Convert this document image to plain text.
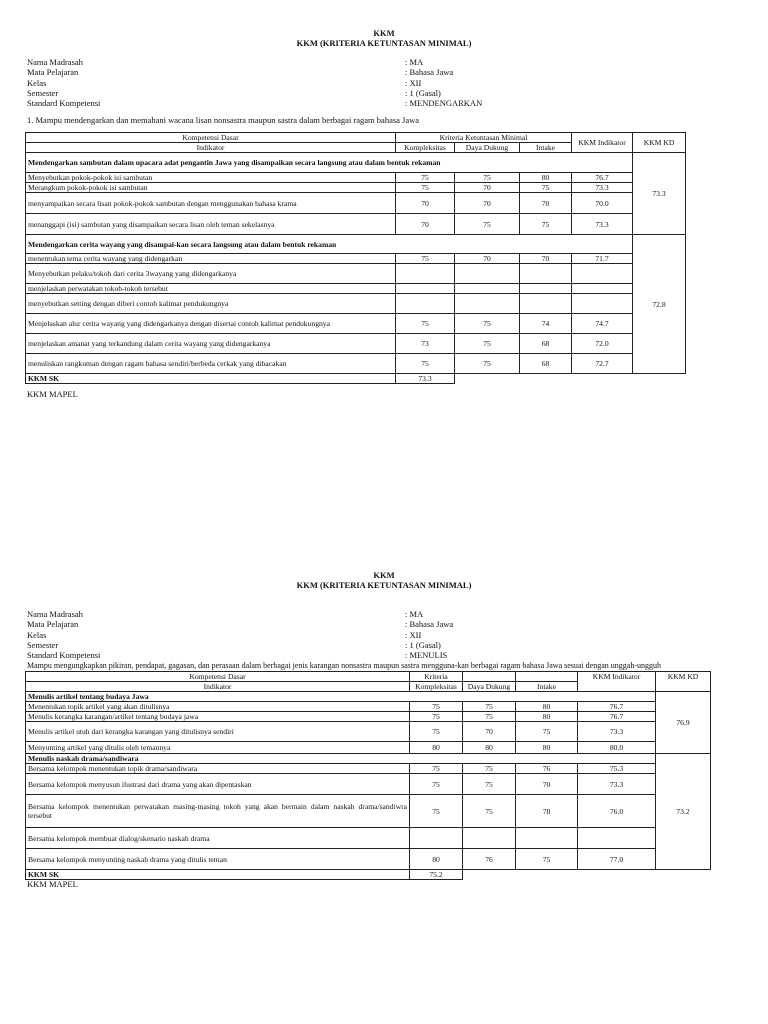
KKM
KKM (KRITERIA KETUNTASAN MINIMAL)
Nama Madrasah	: MA
Mata Pelajaran	: Bahasa Jawa
Kelas	: XII
Semester	: 1 (Gasal)
Standard Kompetensi	: MENDENGARKAN
1. Mampu mendengarkan dan memahani wacana lisan nonsastra maupun sastra dalam berbagai ragam bahasa Jawa
Kompetensi Dasar	Kriteria Ketuntasan Minimal			KKM Indikator	KKM KD
Indikator	Kompleksitas	Daya Dukung	Intake		
Mendengarkan sambutan dalam upacara adat pengantin Jawa yang disampaikan secara langsung atau dalam bentuk rekaman					73.3
Menyebutkan pokok-pokok isi sambutan	75	75	80	76.7	
Merangkum pokok-pokok isi sambutan	75	70	75	73.3	
menyampaikan secara lisan pokok-pokok sambutan dengan menggunakan bahasa krama	70	70	70	70.0	
menanggapi (isi) sambutan yang disampaikan secara lisan oleh teman sekelasnya	70	75	75	73.3	
Mendengarkan cerita wayang yang disampai-kan secara langsung atau dalam bentuk rekaman					72.8
menentukan tema cerita wayang yang didengarkan	75	70	70	71.7	
Menyebutkan pelaku/tokoh dari cerita 3wayang yang didengarkanya					
menjelaskan perwatakan tokoh-tokoh tersebut					
menyebutkan setting dengan diberi contoh kalimat pendukungnya					
Menjelaskan alur cerita wayang yang didengarkanya dengan disertai contoh kalimat pendukungnya	75	75	74	74.7	
menjelaskan amanat yang terkandung dalam cerita wayang yang didengarkanya	73	75	68	72.0	
menuliskan rangkuman dengan ragam bahasa sendiri/berbeda cerkak yang dibacakan	75	75	68	72.7	
KKM SK	73.3				
KKM MAPEL
KKM
KKM (KRITERIA KETUNTASAN MINIMAL)
Nama Madrasah	: MA
Mata Pelajaran	: Bahasa Jawa
Kelas	: XII
Semester	: 1 (Gasal)
Standard Kompetensi	: MENULIS
Mampu mengungkapkan pikiran, pendapat, gagasan, dan perasaan dalam berbagai jenis karangan nonsastra maupun sastra mengguna-kan berbagai ragam bahasa Jawa sesuai dengan unggah-ungguh
Kompetensi Dasar	Kriteria			KKM Indikator	KKM KD
Indikator	Kompleksitas	Daya Dukung	Intake		
Menulis artikel tentang budaya Jawa					76.9
Menentukan topik artikel yang akan ditulisnya	75	75	80	76.7	
Menulis kerangka karangan/artikel tentang budaya jawa	75	75	80	76.7	
Menulis artikel utuh dari kerangka karangan yang ditulisnya sendiri	75	70	75	73.3	
Menyunting artikel yang ditulis oleh temannya	80	80	80	80.0	
Menulis naskah drama/sandiwara					73.2
Bersama kelompok menentukan topik drama/sandiwara	75	75	76	75.3	
Bersama kelompok menyusun ilustrasi dari drama yang akan dipentaskan	75	75	70	73.3	
Bersama kelompok menentukan perwatakan masing-masing tokoh yang akan bermain dalam naskah drama/sandiwra tersebut	75	75	78	76.0	
Bersama kelompok membuat dialog/skenario naskah drama					
Bersama kelompok menyunting naskah drama yang ditulis teman	80	76	75	77.0	
KKM SK	75.2				
KKM MAPEL
